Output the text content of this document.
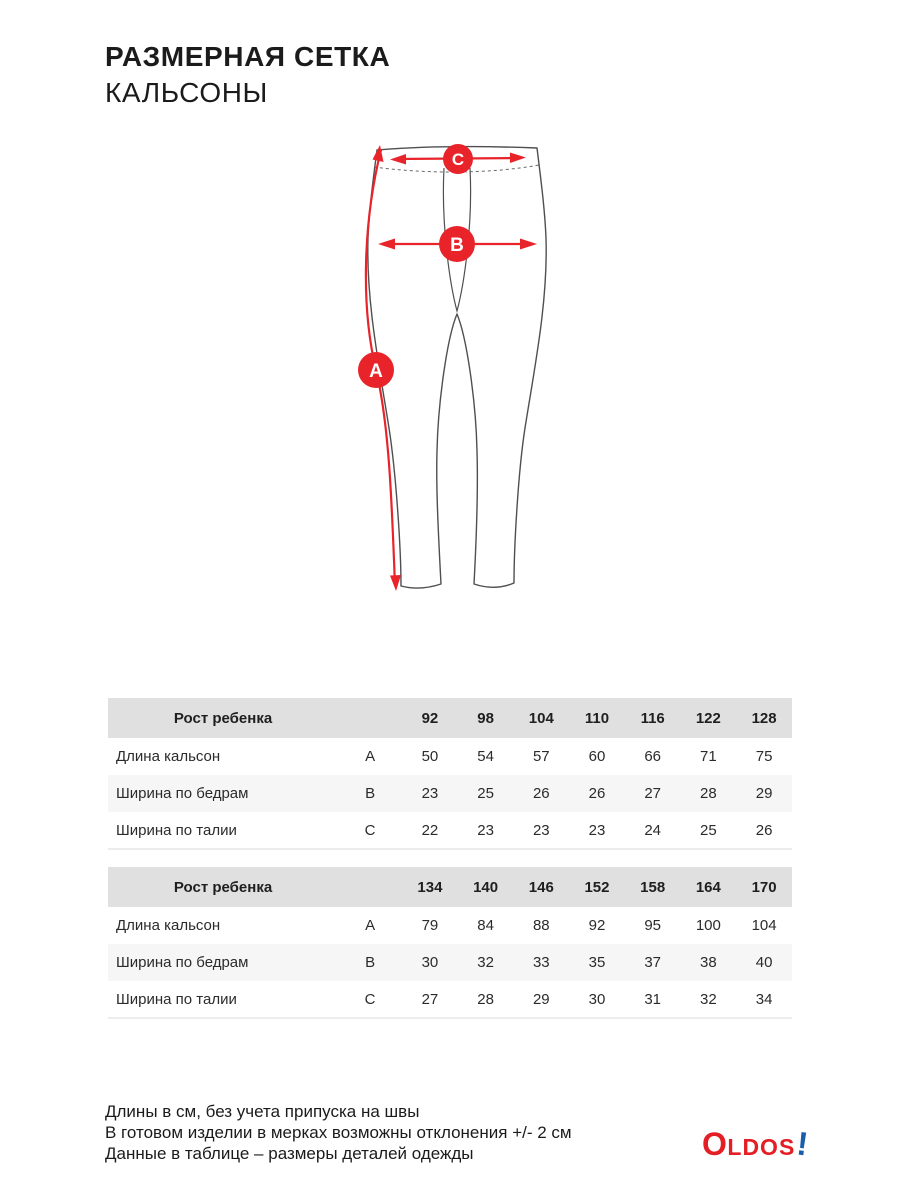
РАЗМЕРНАЯ СЕТКА
КАЛЬСОНЫ
C
B
A
Рост ребенка		92	98	104	110	116	122	128
Длина кальсон	A	50	54	57	60	66	71	75
Ширина по бедрам	B	23	25	26	26	27	28	29
Ширина по талии	C	22	23	23	23	24	25	26
Рост ребенка		134	140	146	152	158	164	170
Длина кальсон	A	79	84	88	92	95	100	104
Ширина по бедрам	B	30	32	33	35	37	38	40
Ширина по талии	C	27	28	29	30	31	32	34
Длины в см, без учета припуска на швы
В готовом изделии в мерках возможны отклонения +/- 2 см
Данные в таблице – размеры деталей одежды	O LDOS !
